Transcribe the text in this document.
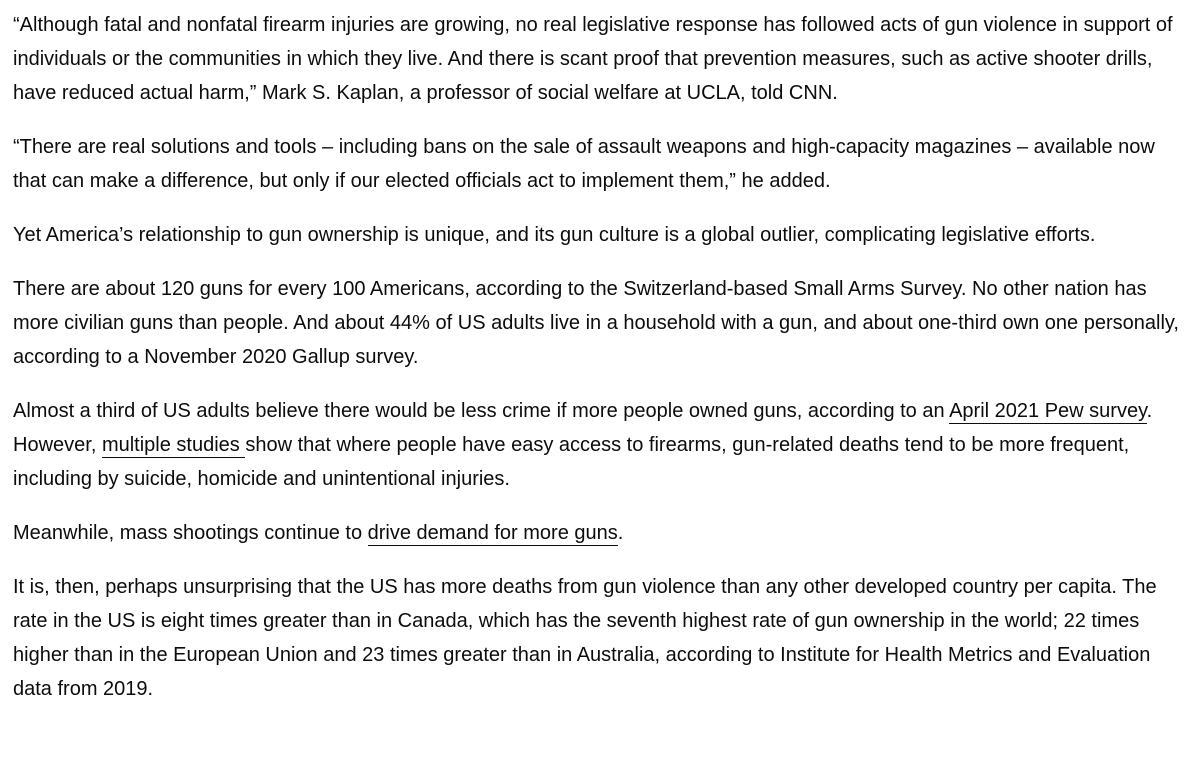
“Although fatal and nonfatal firearm injuries are growing, no real legislative response has followed acts of gun violence in support of individuals or the communities in which they live. And there is scant proof that prevention measures, such as active shooter drills, have reduced actual harm,” Mark S. Kaplan, a professor of social welfare at UCLA, told CNN.

“There are real solutions and tools – including bans on the sale of assault weapons and high-capacity magazines – available now that can make a difference, but only if our elected officials act to implement them,” he added.

Yet America’s relationship to gun ownership is unique, and its gun culture is a global outlier, complicating legislative efforts.

There are about 120 guns for every 100 Americans, according to the Switzerland-based Small Arms Survey. No other nation has more civilian guns than people. And about 44% of US adults live in a household with a gun, and about one-third own one personally, according to a November 2020 Gallup survey.

Almost a third of US adults believe there would be less crime if more people owned guns, according to an April 2021 Pew survey. However, multiple studies show that where people have easy access to firearms, gun-related deaths tend to be more frequent, including by suicide, homicide and unintentional injuries.

Meanwhile, mass shootings continue to drive demand for more guns.

It is, then, perhaps unsurprising that the US has more deaths from gun violence than any other developed country per capita. The rate in the US is eight times greater than in Canada, which has the seventh highest rate of gun ownership in the world; 22 times higher than in the European Union and 23 times greater than in Australia, according to Institute for Health Metrics and Evaluation data from 2019.
